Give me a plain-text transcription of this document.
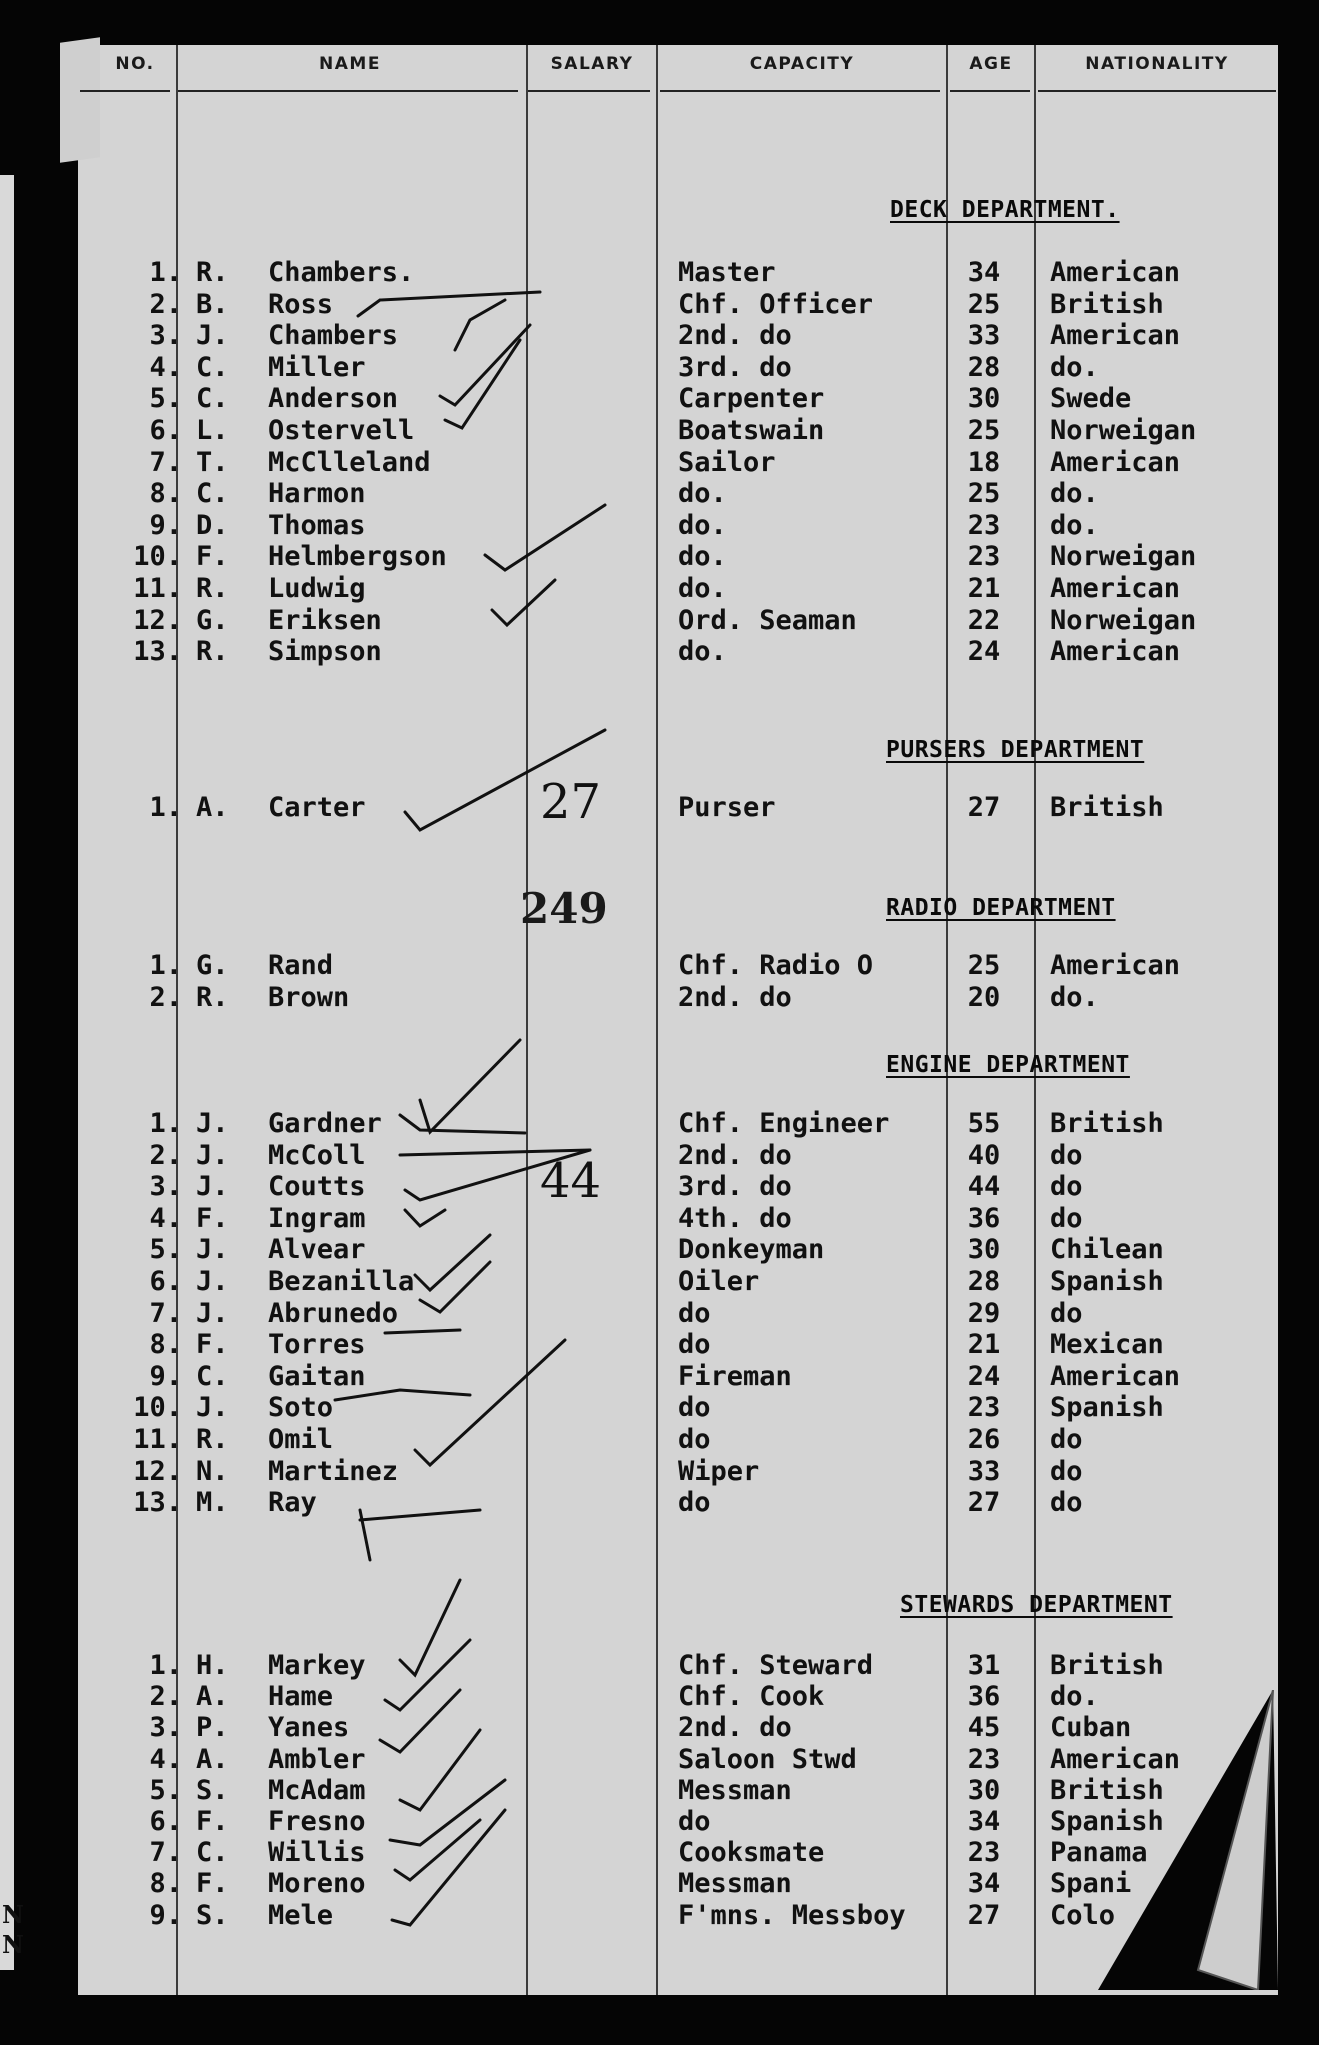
N
N
NO.	NAME	SALARY	CAPACITY	AGE	NATIONALITY
DECK DEPARTMENT.
PURSERS DEPARTMENT
RADIO DEPARTMENT
ENGINE DEPARTMENT
STEWARDS DEPARTMENT
249
1. R. Chambers.	Master	34	American
2. B. Ross	Chf. Officer	25	British
3. J. Chambers	2nd. do	33	American
4. C. Miller	3rd. do	28	do.
5. C. Anderson	Carpenter	30	Swede
6. L. Ostervell	Boatswain	25	Norweigan
7. T. McClleland	Sailor	18	American
8. C. Harmon	do.	25	do.
9. D. Thomas	do.	23	do.
10. F. Helmbergson	do.	23	Norweigan
11. R. Ludwig	do.	21	American
12. G. Eriksen	Ord. Seaman	22	Norweigan
13. R. Simpson	do.	24	American
1. A. Carter	27	Purser	27	British
1. G. Rand	Chf. Radio O	25	American
2. R. Brown	2nd. do	20	do.
1. J. Gardner	Chf. Engineer	55	British
2. J. McColl	2nd. do	40	do
3. J. Coutts	44	3rd. do	44	do
4. F. Ingram	4th. do	36	do
5. J. Alvear	Donkeyman	30	Chilean
6. J. Bezanilla	Oiler	28	Spanish
7. J. Abrunedo	do	29	do
8. F. Torres	do	21	Mexican
9. C. Gaitan	Fireman	24	American
10. J. Soto	do	23	Spanish
11. R. Omil	do	26	do
12. N. Martinez	Wiper	33	do
13. M. Ray	do	27	do
1. H. Markey	Chf. Steward	31	British
2. A. Hame	Chf. Cook	36	do.
3. P. Yanes	2nd. do	45	Cuban
4. A. Ambler	Saloon Stwd	23	American
5. S. McAdam	Messman	30	British
6. F. Fresno	do	34	Spanish
7. C. Willis	Cooksmate	23	Panama
8. F. Moreno	Messman	34	Spani
9. S. Mele	F'mns. Messboy	27	Colo
